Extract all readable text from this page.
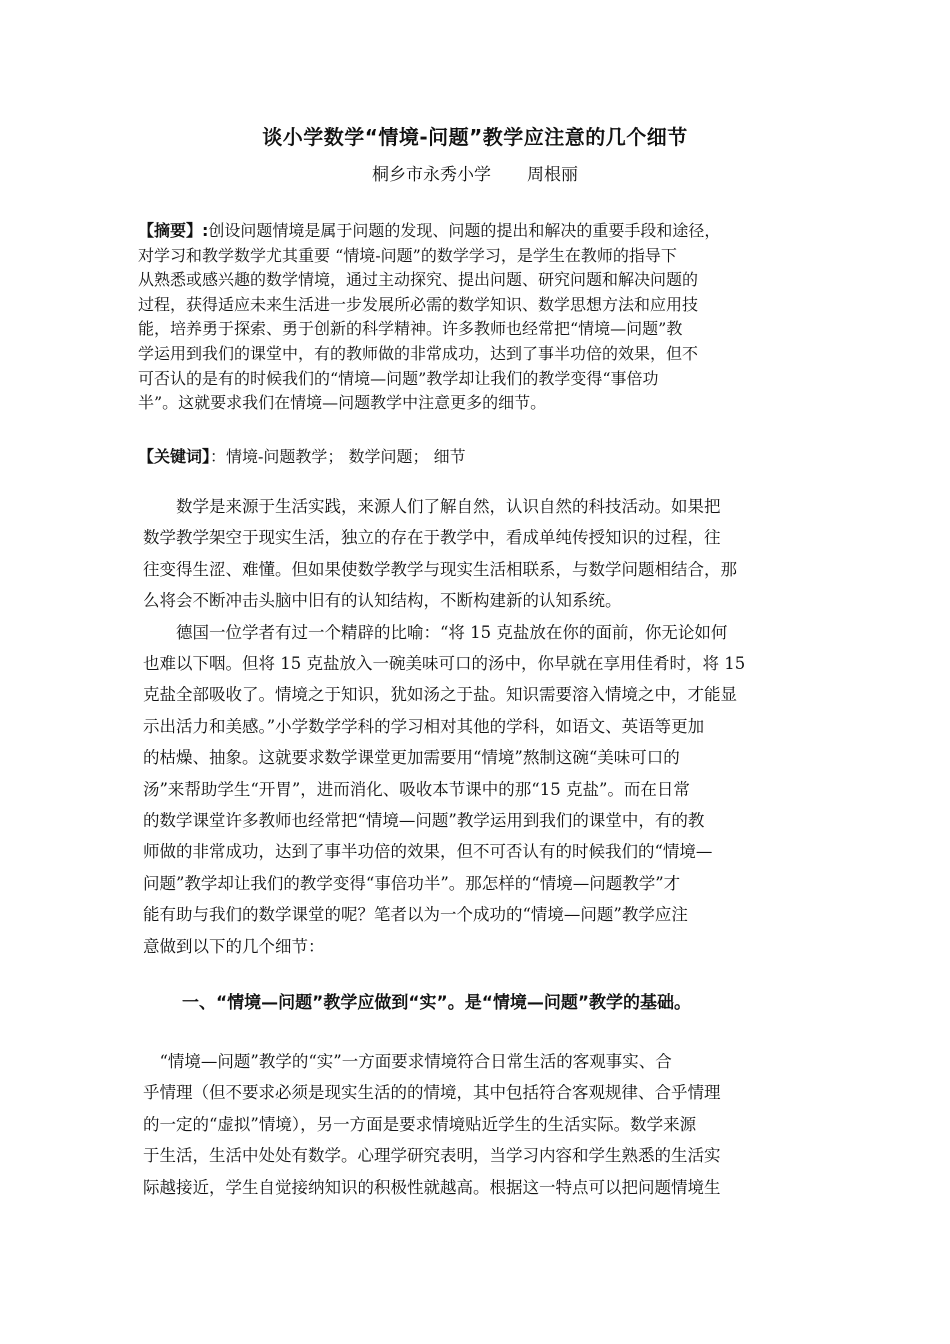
谈小学数学“情境-问题”教学应注意的几个细节
桐乡市永秀小学 周根丽
【摘要】:创设问题情境是属于问题的发现、问题的提出和解决的重要手段和途径，
对学习和教学数学尤其重要 “情境-问题”的数学学习，是学生在教师的指导下
从熟悉或感兴趣的数学情境，通过主动探究、提出问题、研究问题和解决问题的
过程，获得适应未来生活进一步发展所必需的数学知识、数学思想方法和应用技
能，培养勇于探索、勇于创新的科学精神。许多教师也经常把“情境—问题”教
学运用到我们的课堂中，有的教师做的非常成功，达到了事半功倍的效果，但不
可否认的是有的时候我们的“情境—问题”教学却让我们的教学变得“事倍功
半”。这就要求我们在情境—问题教学中注意更多的细节。
【关键词】：情境-问题教学； 数学问题； 细节
　　数学是来源于生活实践，来源人们了解自然，认识自然的科技活动。如果把
数学教学架空于现实生活，独立的存在于教学中，看成单纯传授知识的过程，往
往变得生涩、难懂。但如果使数学教学与现实生活相联系，与数学问题相结合，那
么将会不断冲击头脑中旧有的认知结构，不断构建新的认知系统。
　　德国一位学者有过一个精辟的比喻：“将 15 克盐放在你的面前，你无论如何
也难以下咽。但将 15 克盐放入一碗美味可口的汤中，你早就在享用佳肴时，将 15
克盐全部吸收了。情境之于知识，犹如汤之于盐。知识需要溶入情境之中，才能显
示出活力和美感。”小学数学学科的学习相对其他的学科，如语文、英语等更加
的枯燥、抽象。这就要求数学课堂更加需要用“情境”熬制这碗“美味可口的
汤”来帮助学生“开胃”，进而消化、吸收本节课中的那“15 克盐”。而在日常
的数学课堂许多教师也经常把“情境—问题”教学运用到我们的课堂中，有的教
师做的非常成功，达到了事半功倍的效果，但不可否认有的时候我们的“情境—
问题”教学却让我们的教学变得“事倍功半”。那怎样的“情境—问题教学”才
能有助与我们的数学课堂的呢？笔者以为一个成功的“情境—问题”教学应注
意做到以下的几个细节：
一、“情境—问题”教学应做到“实”。是“情境—问题”教学的基础。
　“情境—问题”教学的“实”一方面要求情境符合日常生活的客观事实、合
乎情理（但不要求必须是现实生活的的情境，其中包括符合客观规律、合乎情理
的一定的“虚拟”情境），另一方面是要求情境贴近学生的生活实际。数学来源
于生活，生活中处处有数学。心理学研究表明，当学习内容和学生熟悉的生活实
际越接近，学生自觉接纳知识的积极性就越高。根据这一特点可以把问题情境生
